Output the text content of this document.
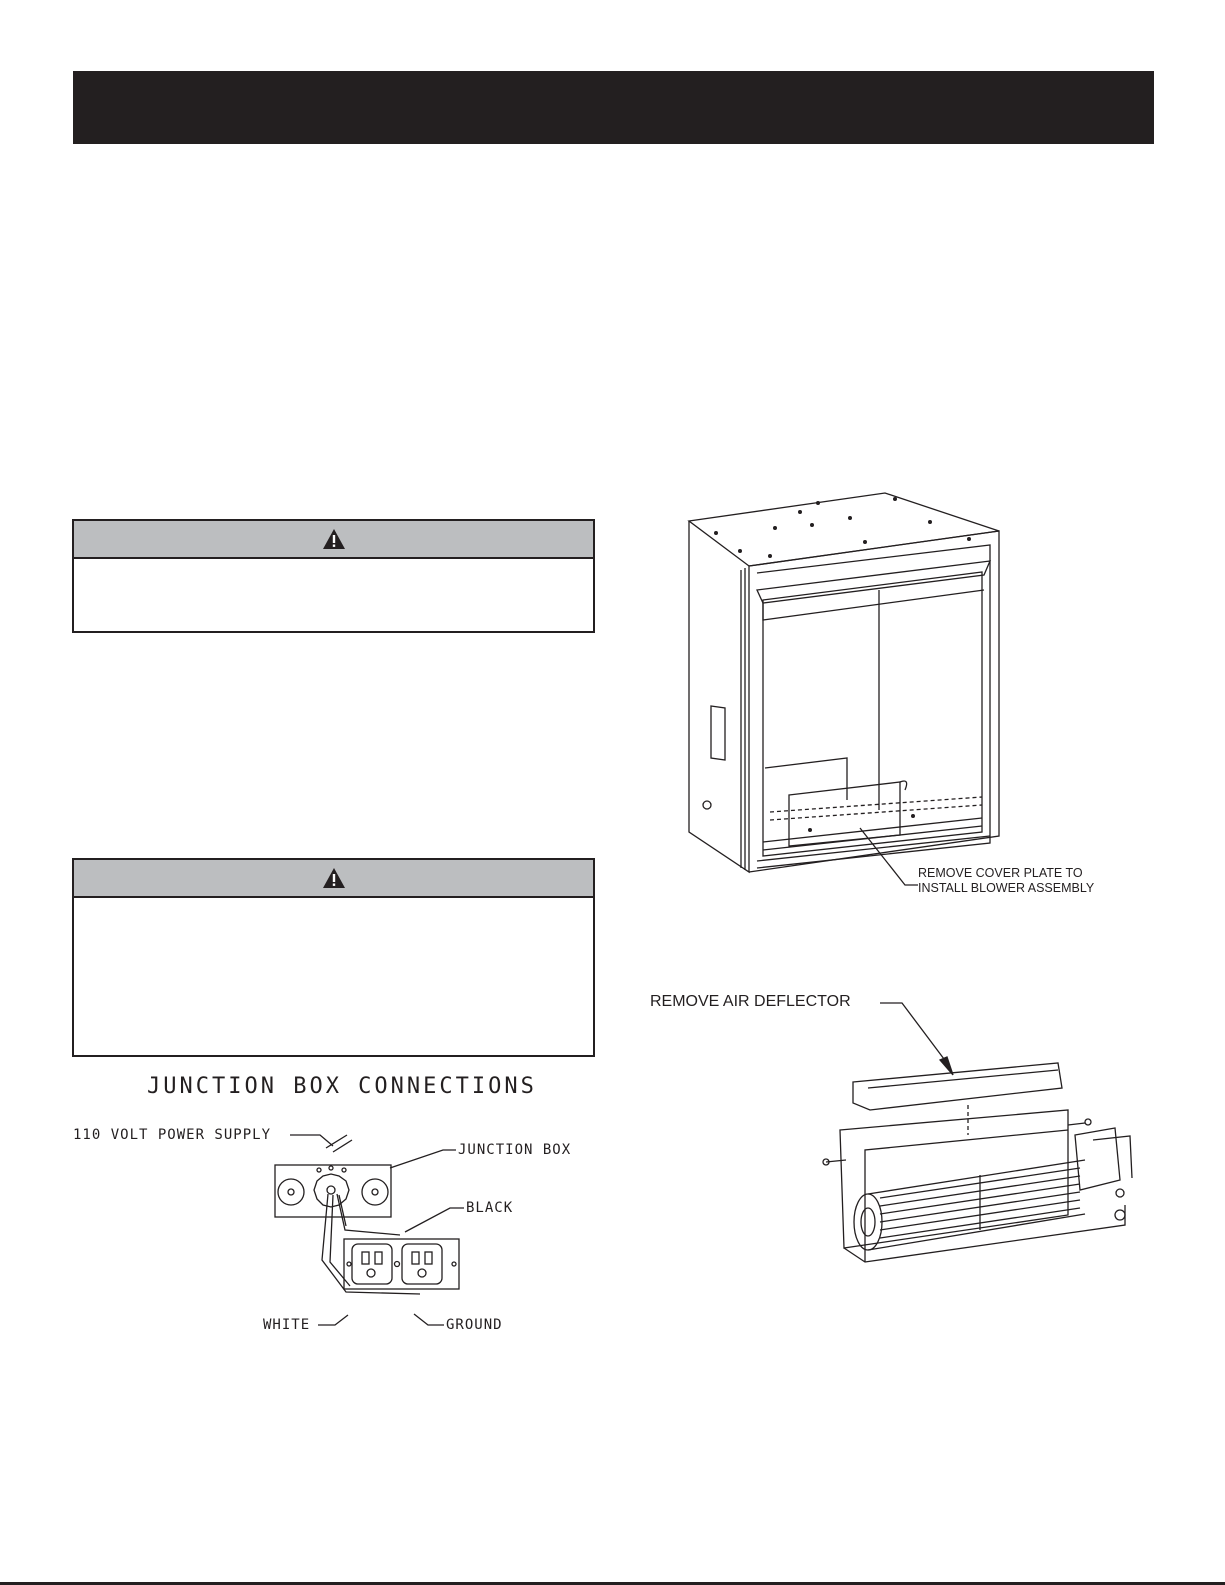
REMOVE COVER PLATE TO
INSTALL BLOWER ASSEMBLY
REMOVE AIR DEFLECTOR
JUNCTION BOX CONNECTIONS
110 VOLT POWER SUPPLY
JUNCTION BOX
BLACK
WHITE	GROUND
